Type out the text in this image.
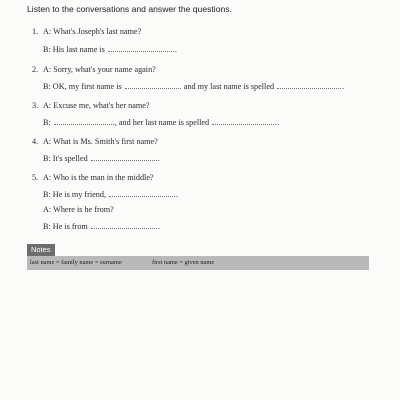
Listen to the conversations and answer the questions.
1. A: What's Joseph's last name?
B: His last name is	.
2. A: Sorry, what's your name again?
B: OK, my first name is	and my last name is spelled	.
3. A: Excuse me, what's her name?
B:	, and her last name is spelled	.
4. A: What is Ms. Smith's first name?
B: It's spelled	.
5. A: Who is the man in the middle?
B: He is my friend,	.
A: Where is he from?
B: He is from	.
Notes
last name = family name = surname	first name = given name
